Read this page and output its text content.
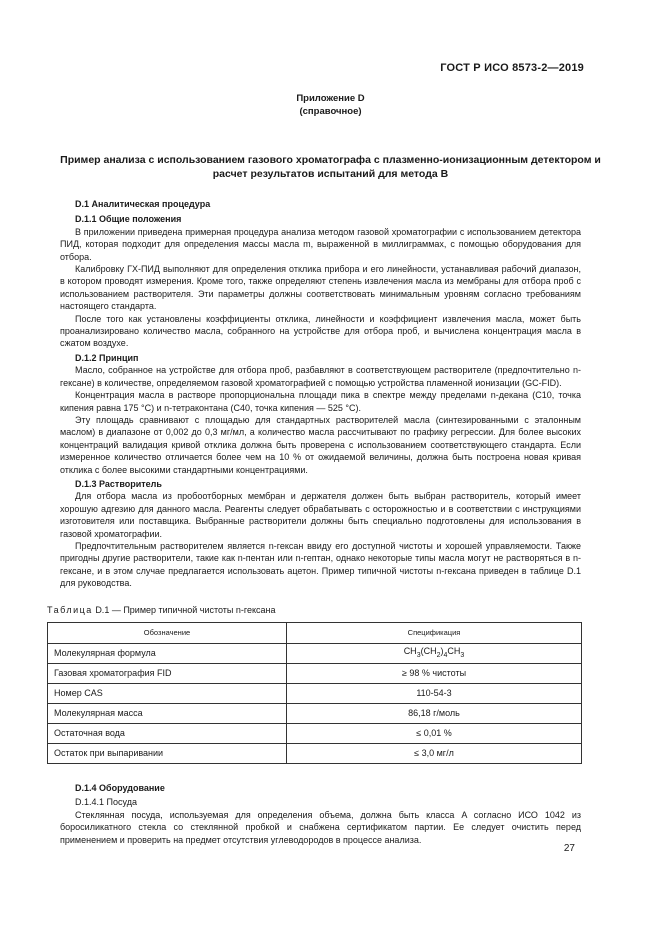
ГОСТ Р ИСО 8573-2—2019
Приложение D
(справочное)
Пример анализа с использованием газового хроматографа с плазменно-ионизационным детектором и расчет результатов испытаний для метода B
D.1 Аналитическая процедура
D.1.1 Общие положения

В приложении приведена примерная процедура анализа методом газовой хроматографии с использованием детектора ПИД, которая подходит для определения массы масла m, выраженной в миллиграммах, с помощью оборудования для отбора.

Калибровку ГХ-ПИД выполняют для определения отклика прибора и его линейности, устанавливая рабочий диапазон, в котором проводят измерения. Кроме того, также определяют степень извлечения масла из мембраны для отбора проб с использованием растворителя. Эти параметры должны соответствовать минимальным уровням согласно требованиям настоящего стандарта.

После того как установлены коэффициенты отклика, линейности и коэффициент извлечения масла, может быть проанализировано количество масла, собранного на устройстве для отбора проб, и вычислена концентрация масла в сжатом воздухе.

D.1.2 Принцип

Масло, собранное на устройстве для отбора проб, разбавляют в соответствующем растворителе (предпочтительно n-гексане) в количестве, определяемом газовой хроматографией с помощью устройства пламенной ионизации (GC-FID).

Концентрация масла в растворе пропорциональна площади пика в спектре между пределами n-декана (C10, точка кипения равна 175 °C) и n-тетраконтана (C40, точка кипения — 525 °C).

Эту площадь сравнивают с площадью для стандартных растворителей масла (синтезированными с эталонным маслом) в диапазоне от 0,002 до 0,3 мг/мл, а количество масла рассчитывают по графику регрессии. Для более высоких концентраций валидация кривой отклика должна быть проверена с использованием соответствующего стандарта. Если измеренное количество отличается более чем на 10 % от ожидаемой величины, должна быть построена новая кривая отклика с более высокими стандартными концентрациями.

D.1.3 Растворитель

Для отбора масла из пробоотборных мембран и держателя должен быть выбран растворитель, который имеет хорошую адгезию для данного масла. Реагенты следует обрабатывать с осторожностью и в соответствии с инструкциями изготовителя или поставщика. Выбранные растворители должны быть специально подготовлены для использования в газовой хроматографии.

Предпочтительным растворителем является n-гексан ввиду его доступной чистоты и хорошей управляемости. Также пригодны другие растворители, такие как n-пентан или n-гептан, однако некоторые типы масла могут не растворяться в n-гексане, и в этом случае предлагается использовать ацетон. Пример типичной чистоты n-гексана приведен в таблице D.1 для руководства.

Таблица D.1 — Пример типичной чистоты n-гексана
Обозначение	Спецификация
Молекулярная формула	$CH_3(CH_2)_4CH_3$
Газовая хроматография FID	≥ 98 % чистоты
Номер CAS	110-54-3
Молекулярная масса	86,18 г/моль
Остаточная вода	≤ 0,01 %
Остаток при выпаривании	≤ 3,0 мг/л
D.1.4 Оборудование
D.1.4.1 Посуда

Стеклянная посуда, используемая для определения объема, должна быть класса A согласно ИСО 1042 из боросиликатного стекла со стеклянной пробкой и снабжена сертификатом партии. Ее следует очистить перед применением и проверить на предмет отсутствия углеводородов в процессе анализа.

27
